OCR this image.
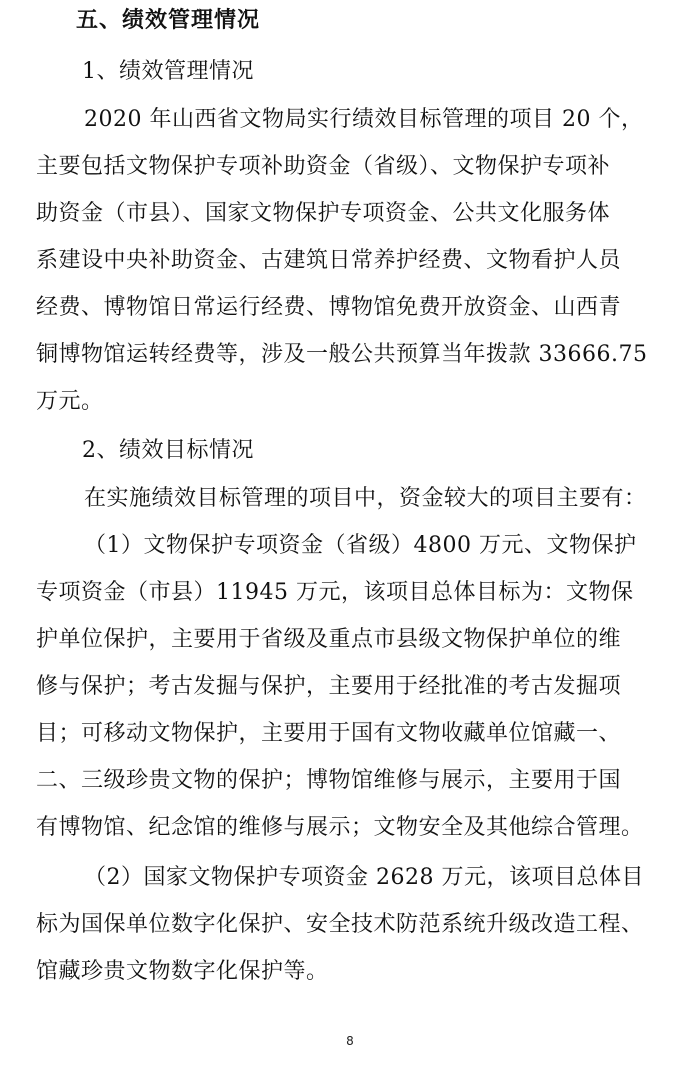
五、绩效管理情况
1、绩效管理情况
2020 年山西省文物局实行绩效目标管理的项目 20 个，
主要包括文物保护专项补助资金（省级）、文物保护专项补
助资金（市县）、国家文物保护专项资金、公共文化服务体
系建设中央补助资金、古建筑日常养护经费、文物看护人员
经费、博物馆日常运行经费、博物馆免费开放资金、山西青
铜博物馆运转经费等，涉及一般公共预算当年拨款 33666.75
万元。
2、绩效目标情况
在实施绩效目标管理的项目中，资金较大的项目主要有：
（1）文物保护专项资金（省级）4800 万元、文物保护
专项资金（市县）11945 万元，该项目总体目标为：文物保
护单位保护，主要用于省级及重点市县级文物保护单位的维
修与保护；考古发掘与保护，主要用于经批准的考古发掘项
目；可移动文物保护，主要用于国有文物收藏单位馆藏一、
二、三级珍贵文物的保护；博物馆维修与展示，主要用于国
有博物馆、纪念馆的维修与展示；文物安全及其他综合管理。
（2）国家文物保护专项资金 2628 万元，该项目总体目
标为国保单位数字化保护、安全技术防范系统升级改造工程、
馆藏珍贵文物数字化保护等。
8
